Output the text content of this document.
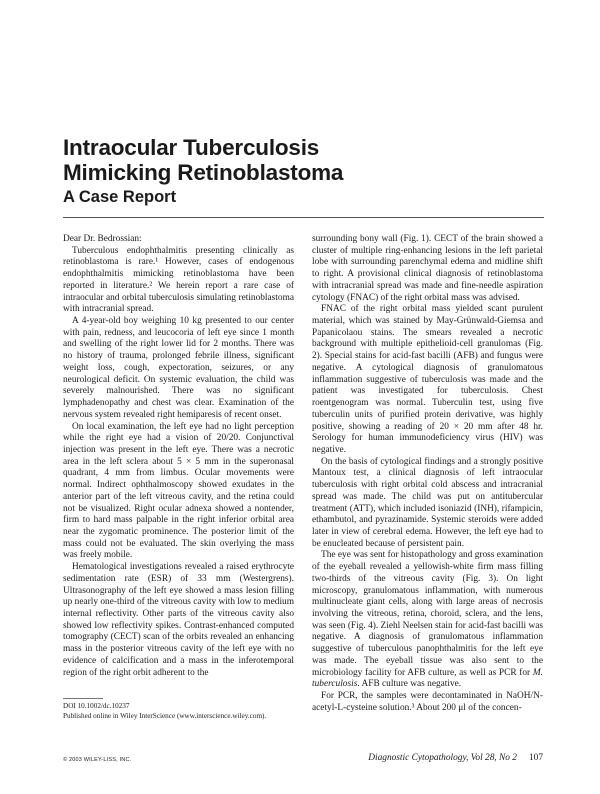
Intraocular Tuberculosis
Mimicking Retinoblastoma
A Case Report

Dear Dr. Bedrossian:

Tuberculous endophthalmitis presenting clinically as retinoblastoma is rare.¹ However, cases of endogenous endophthalmitis mimicking retinoblastoma have been reported in literature.² We herein report a rare case of intraocular and orbital tuberculosis simulating retinoblastoma with intracranial spread.

A 4-year-old boy weighing 10 kg presented to our center with pain, redness, and leucocoria of left eye since 1 month and swelling of the right lower lid for 2 months. There was no history of trauma, prolonged febrile illness, significant weight loss, cough, expectoration, seizures, or any neurological deficit. On systemic evaluation, the child was severely malnourished. There was no significant lymphadenopathy and chest was clear. Examination of the nervous system revealed right hemiparesis of recent onset.

On local examination, the left eye had no light perception while the right eye had a vision of 20/20. Conjunctival injection was present in the left eye. There was a necrotic area in the left sclera about 5 × 5 mm in the superonasal quadrant, 4 mm from limbus. Ocular movements were normal. Indirect ophthalmoscopy showed exudates in the anterior part of the left vitreous cavity, and the retina could not be visualized. Right ocular adnexa showed a nontender, firm to hard mass palpable in the right inferior orbital area near the zygomatic prominence. The posterior limit of the mass could not be evaluated. The skin overlying the mass was freely mobile.

Hematological investigations revealed a raised erythrocyte sedimentation rate (ESR) of 33 mm (Westergrens). Ultrasonography of the left eye showed a mass lesion filling up nearly one-third of the vitreous cavity with low to medium internal reflectivity. Other parts of the vitreous cavity also showed low reflectivity spikes. Contrast-enhanced computed tomography (CECT) scan of the orbits revealed an enhancing mass in the posterior vitreous cavity of the left eye with no evidence of calcification and a mass in the inferotemporal region of the right orbit adherent to the

surrounding bony wall (Fig. 1). CECT of the brain showed a cluster of multiple ring-enhancing lesions in the left parietal lobe with surrounding parenchymal edema and midline shift to right. A provisional clinical diagnosis of retinoblastoma with intracranial spread was made and fine-needle aspiration cytology (FNAC) of the right orbital mass was advised.

FNAC of the right orbital mass yielded scant purulent material, which was stained by May-Grünwald-Giemsa and Papanicolaou stains. The smears revealed a necrotic background with multiple epithelioid-cell granulomas (Fig. 2). Special stains for acid-fast bacilli (AFB) and fungus were negative. A cytological diagnosis of granulomatous inflammation suggestive of tuberculosis was made and the patient was investigated for tuberculosis. Chest roentgenogram was normal. Tuberculin test, using five tuberculin units of purified protein derivative, was highly positive, showing a reading of 20 × 20 mm after 48 hr. Serology for human immunodeficiency virus (HIV) was negative.

On the basis of cytological findings and a strongly positive Mantoux test, a clinical diagnosis of left intraocular tuberculosis with right orbital cold abscess and intracranial spread was made. The child was put on antitubercular treatment (ATT), which included isoniazid (INH), rifampicin, ethambutol, and pyrazinamide. Systemic steroids were added later in view of cerebral edema. However, the left eye had to be enucleated because of persistent pain.

The eye was sent for histopathology and gross examination of the eyeball revealed a yellowish-white firm mass filling two-thirds of the vitreous cavity (Fig. 3). On light microscopy, granulomatous inflammation, with numerous multinucleate giant cells, along with large areas of necrosis involving the vitreous, retina, choroid, sclera, and the lens, was seen (Fig. 4). Ziehl Neelsen stain for acid-fast bacilli was negative. A diagnosis of granulomatous inflammation suggestive of tuberculous panophthalmitis for the left eye was made. The eyeball tissue was also sent to the microbiology facility for AFB culture, as well as PCR for M. tuberculosis. AFB culture was negative.

For PCR, the samples were decontaminated in NaOH/N-acetyl-L-cysteine solution.³ About 200 μl of the concen-

DOI 10.1002/dc.10237
Published online in Wiley InterScience (www.interscience.wiley.com).
© 2003 WILEY-LISS, INC.	Diagnostic Cytopathology, Vol 28, No 2 107
